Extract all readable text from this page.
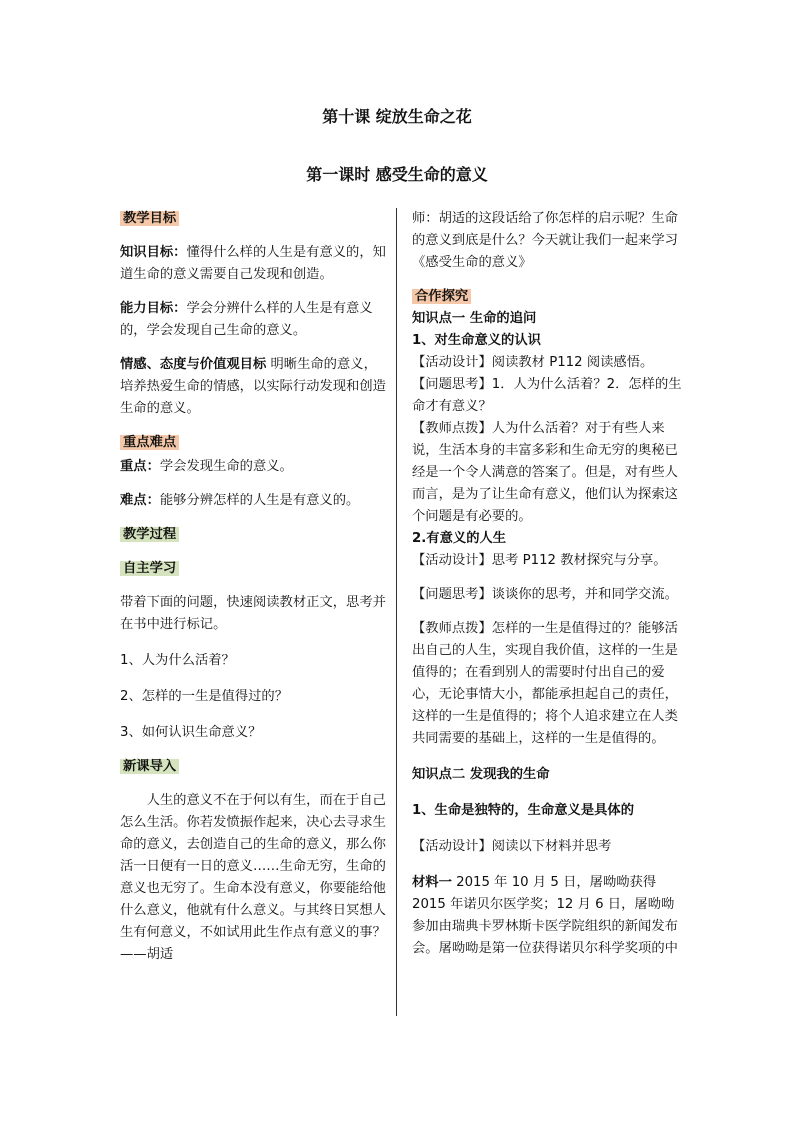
第十课 绽放生命之花
第一课时 感受生命的意义

教学目标

知识目标：懂得什么样的人生是有意义的，知道生命的意义需要自己发现和创造。

能力目标：学会分辨什么样的人生是有意义的，学会发现自己生命的意义。

情感、态度与价值观目标 明晰生命的意义，培养热爱生命的情感，以实际行动发现和创造生命的意义。

重点难点

重点：学会发现生命的意义。

难点：能够分辨怎样的人生是有意义的。

教学过程

自主学习

带着下面的问题，快速阅读教材正文，思考并在书中进行标记。

1、人为什么活着？

2、怎样的一生是值得过的？

3、如何认识生命意义？

新课导入

人生的意义不在于何以有生，而在于自己怎么生活。你若发愤振作起来，决心去寻求生命的意义，去创造自己的生命的意义，那么你活一日便有一日的意义……生命无穷，生命的意义也无穷了。生命本没有意义，你要能给他什么意义，他就有什么意义。与其终日冥想人生有何意义，不如试用此生作点有意义的事？

——胡适

师：胡适的这段话给了你怎样的启示呢？生命的意义到底是什么？今天就让我们一起来学习《感受生命的意义》

合作探究

知识点一 生命的追问

1、对生命意义的认识

【活动设计】阅读教材 P112 阅读感悟。

【问题思考】1．人为什么活着？2．怎样的生命才有意义？

【教师点拨】人为什么活着？对于有些人来说，生活本身的丰富多彩和生命无穷的奥秘已经是一个令人满意的答案了。但是，对有些人而言，是为了让生命有意义，他们认为探索这个问题是有必要的。

2.有意义的人生

【活动设计】思考 P112 教材探究与分享。

【问题思考】谈谈你的思考，并和同学交流。

【教师点拨】怎样的一生是值得过的？能够活出自己的人生，实现自我价值，这样的一生是值得的；在看到别人的需要时付出自己的爱心，无论事情大小，都能承担起自己的责任，这样的一生是值得的；将个人追求建立在人类共同需要的基础上，这样的一生是值得的。

知识点二 发现我的生命

1、生命是独特的，生命意义是具体的

【活动设计】阅读以下材料并思考

材料一 2015 年 10 月 5 日，屠呦呦获得 2015 年诺贝尔医学奖；12 月 6 日，屠呦呦参加由瑞典卡罗林斯卡医学院组织的新闻发布会。屠呦呦是第一位获得诺贝尔科学奖项的中
